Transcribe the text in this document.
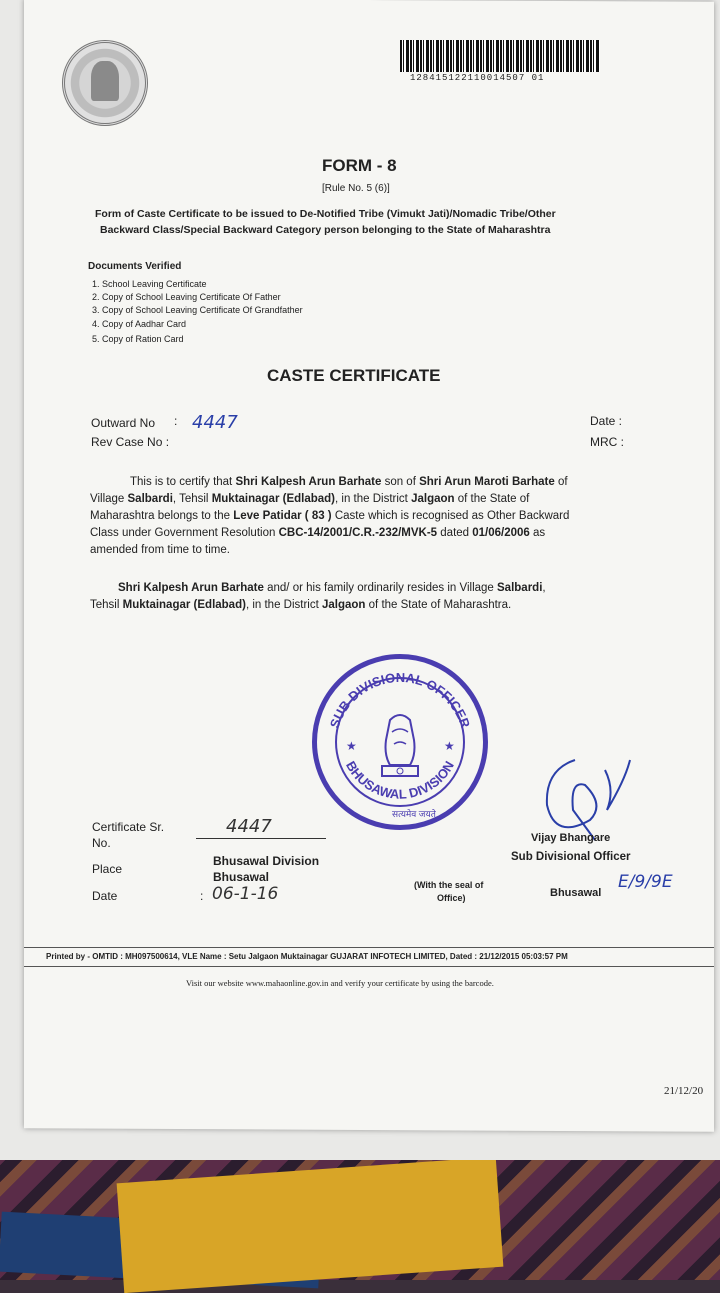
128415122110014507 01
FORM - 8
[Rule No. 5 (6)]
Form of Caste Certificate to be issued to De-Notified Tribe (Vimukt Jati)/Nomadic Tribe/Other
Backward Class/Special Backward Category person belonging to the State of Maharashtra
Documents Verified
1. School Leaving Certificate
2. Copy of School Leaving Certificate Of Father
3. Copy of School Leaving Certificate Of Grandfather
4. Copy of Aadhar Card
5. Copy of Ration Card
CASTE CERTIFICATE
Outward No : 4447
Rev Case No :
Date :
MRC :
This is to certify that Shri Kalpesh Arun Barhate son of Shri Arun Maroti Barhate of
Village Salbardi, Tehsil Muktainagar (Edlabad), in the District Jalgaon of the State of
Maharashtra belongs to the Leve Patidar ( 83 ) Caste which is recognised as Other Backward
Class under Government Resolution CBC-14/2001/C.R.-232/MVK-5 dated 01/06/2006 as
amended from time to time.
Shri Kalpesh Arun Barhate and/ or his family ordinarily resides in Village Salbardi,
Tehsil Muktainagar (Edlabad), in the District Jalgaon of the State of Maharashtra.
SUB DIVISIONAL OFFICER
BHUSAWAL DIVISION
★	★
सत्यमेव जयते
Certificate Sr.
No.
4447
Place
Bhusawal Division
Bhusawal
Date	: 06-1-16	(With the seal of
Office)
Vijay Bhangare
Sub Divisional Officer
Bhusawal
E/9/9E
Printed by - OMTID : MH097500614, VLE Name : Setu Jalgaon Muktainagar GUJARAT INFOTECH LIMITED, Dated : 21/12/2015 05:03:57 PM
Visit our website www.mahaonline.gov.in and verify your certificate by using the barcode.
21/12/20
